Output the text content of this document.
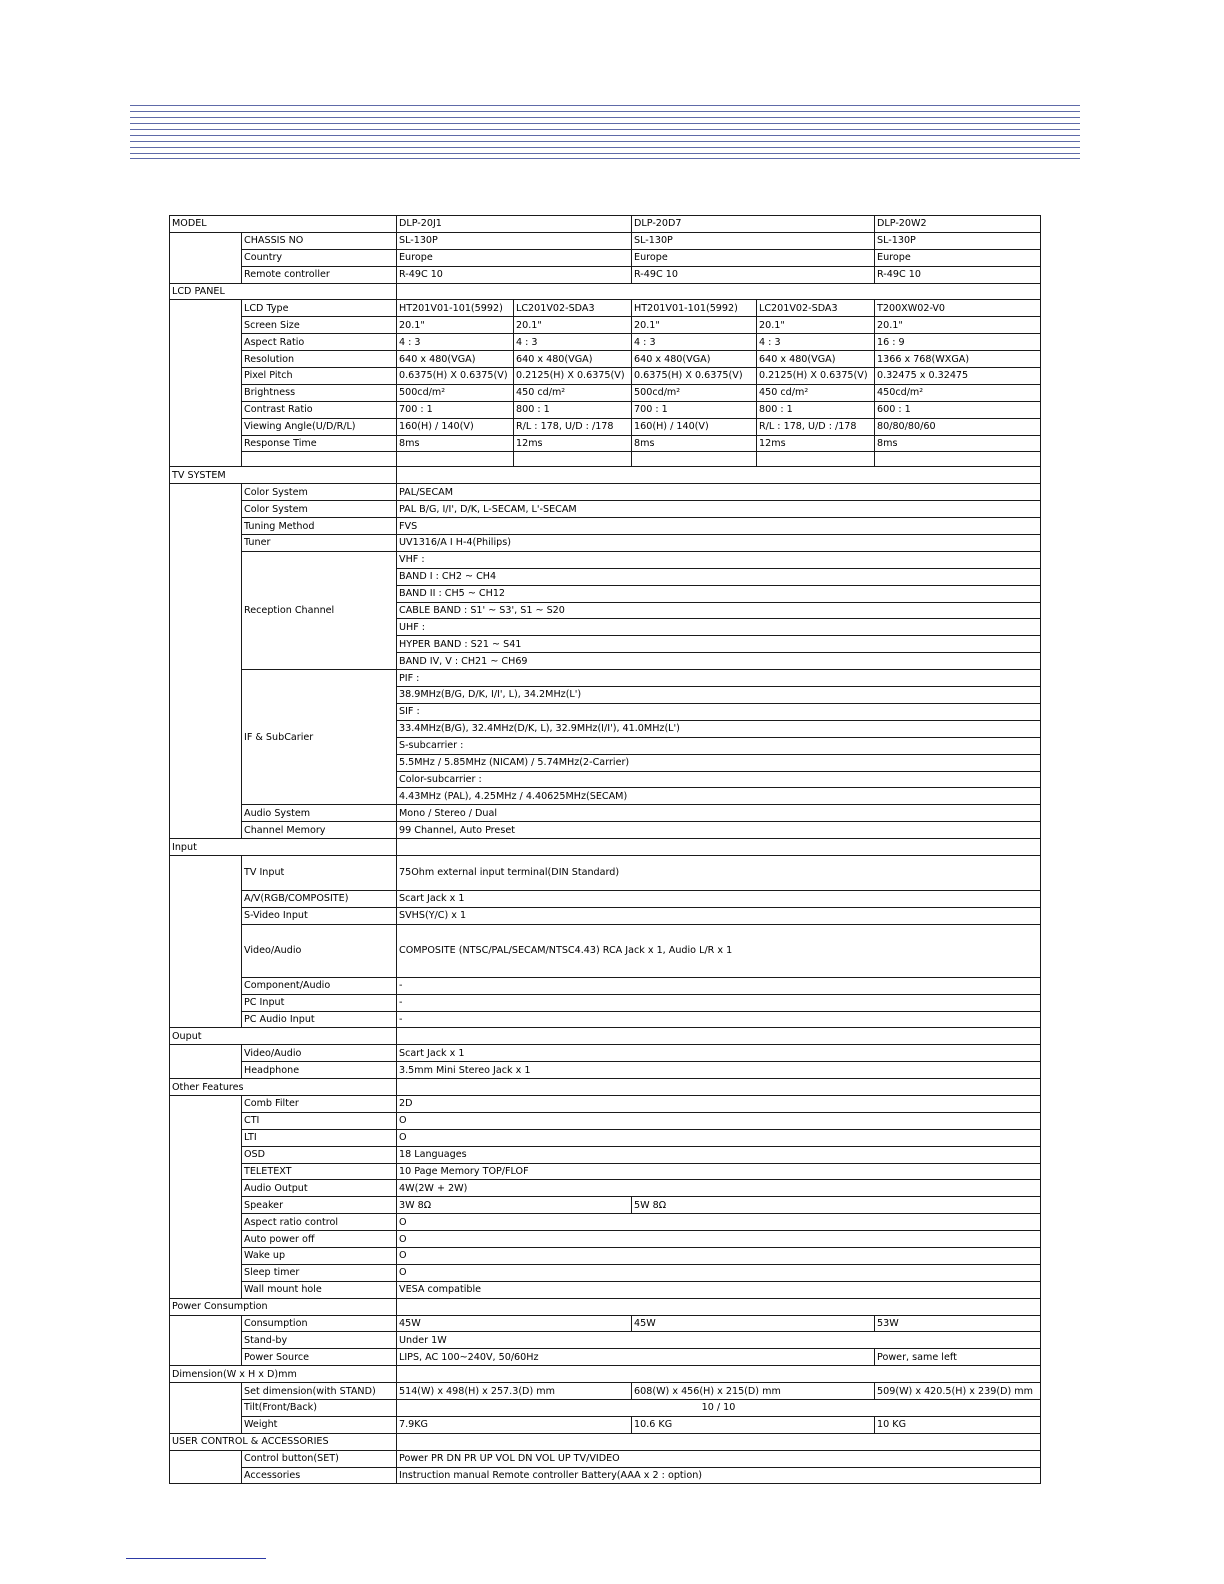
MODEL		DLP-20J1		DLP-20D7		DLP-20W2
	CHASSIS NO	SL-130P		SL-130P		SL-130P
	Country	Europe		Europe		Europe
	Remote controller	R-49C 10		R-49C 10		R-49C 10
LCD PANEL						
	LCD Type	HT201V01-101(5992)	LC201V02-SDA3	HT201V01-101(5992)	LC201V02-SDA3	T200XW02-V0
	Screen Size	20.1"	20.1"	20.1"	20.1"	20.1"
	Aspect Ratio	4 : 3	4 : 3	4 : 3	4 : 3	16 : 9
	Resolution	640 x 480(VGA)	640 x 480(VGA)	640 x 480(VGA)	640 x 480(VGA)	1366 x 768(WXGA)
	Pixel Pitch	0.6375(H) X 0.6375(V)	0.2125(H) X 0.6375(V)	0.6375(H) X 0.6375(V)	0.2125(H) X 0.6375(V)	0.32475 x 0.32475
	Brightness	500cd/m²	450 cd/m²	500cd/m²	450 cd/m²	450cd/m²
	Contrast Ratio	700 : 1	800 : 1	700 : 1	800 : 1	600 : 1
	Viewing Angle(U/D/R/L)	160(H) / 140(V)	R/L : 178, U/D : /178	160(H) / 140(V)	R/L : 178, U/D : /178	80/80/80/60
	Response Time	8ms	12ms	8ms	12ms	8ms

TV SYSTEM						
	Color System	PAL/SECAM				
	Color System	PAL B/G, I/I', D/K, L-SECAM, L'-SECAM				
	Tuning Method	FVS				
	Tuner	UV1316/A I H-4(Philips)				
	Reception Channel	VHF :				
		BAND I : CH2 ~ CH4				
		BAND II : CH5 ~ CH12				
		CABLE BAND : S1' ~ S3', S1 ~ S20				
		UHF :				
		HYPER BAND : S21 ~ S41				
		BAND IV, V : CH21 ~ CH69				
	IF & SubCarier	PIF :				
		38.9MHz(B/G, D/K, I/I', L), 34.2MHz(L')				
		SIF :				
		33.4MHz(B/G), 32.4MHz(D/K, L), 32.9MHz(I/I'), 41.0MHz(L')				
		S-subcarrier :				
		5.5MHz / 5.85MHz (NICAM) / 5.74MHz(2-Carrier)				
		Color-subcarrier :				
		4.43MHz (PAL), 4.25MHz / 4.40625MHz(SECAM)				
	Audio System	Mono / Stereo / Dual				
	Channel Memory	99 Channel, Auto Preset				
Input						
	TV Input	75Ohm external input terminal(DIN Standard)				
	A/V(RGB/COMPOSITE)	Scart Jack x 1				
	S-Video Input	SVHS(Y/C) x 1				
	Video/Audio	COMPOSITE (NTSC/PAL/SECAM/NTSC4.43) RCA Jack x 1, Audio L/R x 1				
	Component/Audio	-				
	PC Input	-				
	PC Audio Input	-				
Ouput						
	Video/Audio	Scart Jack x 1				
	Headphone	3.5mm Mini Stereo Jack x 1				
Other Features						
	Comb Filter	2D				
	CTI	O				
	LTI	O				
	OSD	18 Languages				
	TELETEXT	10 Page Memory TOP/FLOF				
	Audio Output	4W(2W + 2W)				
	Speaker	3W 8Ω		5W 8Ω		
	Aspect ratio control	O				
	Auto power off	O				
	Wake up	O				
	Sleep timer	O				
	Wall mount hole	VESA compatible				
Power Consumption						
	Consumption	45W		45W		53W
	Stand-by	Under 1W				
	Power Source	LIPS, AC 100~240V, 50/60Hz				Power, same left
Dimension(W x H x D)mm						
	Set dimension(with STAND)	514(W) x 498(H) x 257.3(D) mm		608(W) x 456(H) x 215(D) mm		509(W) x 420.5(H) x 239(D) mm
	Tilt(Front/Back)	10 / 10				
	Weight	7.9KG		10.6 KG		10 KG
USER CONTROL & ACCESSORIES						
	Control button(SET)	Power PR DN PR UP VOL DN VOL UP TV/VIDEO				
	Accessories	Instruction manual Remote controller Battery(AAA x 2 : option)				
